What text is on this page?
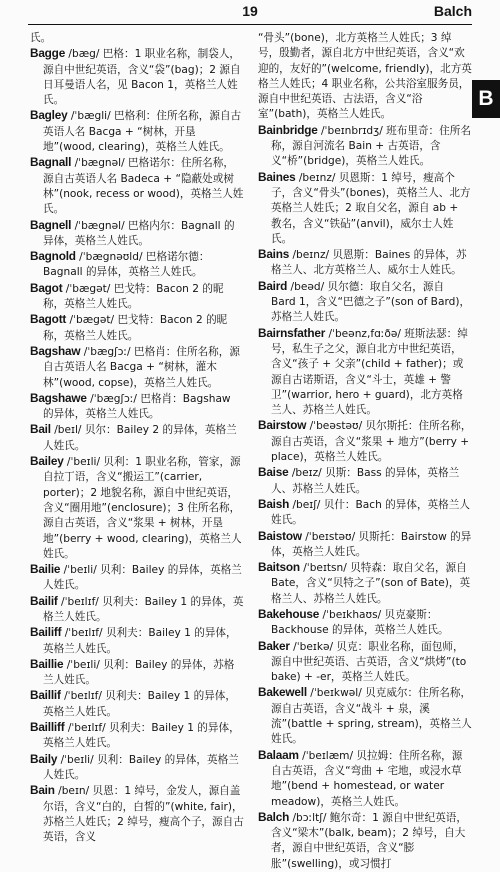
19	Balch
B

氏。

Bagge /bæg/ 巴格：1 职业名称，制袋人，源自中世纪英语，含义“袋”(bag)；2 源自日耳曼语人名，见 Bacon 1，英格兰人姓氏。

Bagley /ˈbægli/ 巴格利：住所名称，源自古英语人名 Bacga + “树林，开垦地”(wood, clearing)，英格兰人姓氏。

Bagnall /ˈbægnəl/ 巴格诺尔：住所名称，源自古英语人名 Badeca + “隐蔽处或树林”(nook, recess or wood)，英格兰人姓氏。

Bagnell /ˈbægnəl/ 巴格内尔：Bagnall 的异体，英格兰人姓氏。

Bagnold /ˈbægnəʊld/ 巴格诺尔德：Bagnall 的异体，英格兰人姓氏。

Bagot /ˈbægət/ 巴戈特：Bacon 2 的昵称，英格兰人姓氏。

Bagott /ˈbægət/ 巴戈特：Bacon 2 的昵称，英格兰人姓氏。

Bagshaw /ˈbægʃɔː/ 巴格肖：住所名称，源自古英语人名 Bacga + “树林，灌木林”(wood, copse)，英格兰人姓氏。

Bagshawe /ˈbægʃɔː/ 巴格肖：Bagshaw 的异体，英格兰人姓氏。

Bail /beɪl/ 贝尔：Bailey 2 的异体，英格兰人姓氏。

Bailey /ˈbeɪli/ 贝利：1 职业名称，管家，源自拉丁语，含义“搬运工”(carrier, porter)；2 地貌名称，源自中世纪英语，含义“圈用地”(enclosure)；3 住所名称，源自古英语，含义“浆果 + 树林，开垦地”(berry + wood, clearing)，英格兰人姓氏。

Bailie /ˈbeɪli/ 贝利：Bailey 的异体，英格兰人姓氏。

Bailif /ˈbeɪlɪf/ 贝利夫：Bailey 1 的异体，英格兰人姓氏。

Bailiff /ˈbeɪlɪf/ 贝利夫：Bailey 1 的异体，英格兰人姓氏。

Baillie /ˈbeɪli/ 贝利：Bailey 的异体，苏格兰人姓氏。

Baillif /ˈbeɪlɪf/ 贝利夫：Bailey 1 的异体，英格兰人姓氏。

Bailliff /ˈbeɪlɪf/ 贝利夫：Bailey 1 的异体，英格兰人姓氏。

Baily /ˈbeɪli/ 贝利：Bailey 的异体，英格兰人姓氏。

Bain /beɪn/ 贝恩：1 绰号，金发人，源自盖尔语，含义“白的，白皙的”(white, fair)，苏格兰人姓氏；2 绰号，瘦高个子，源自古英语，含义

“骨头”(bone)，北方英格兰人姓氏；3 绰号，殷勤者，源自北方中世纪英语，含义“欢迎的，友好的”(welcome, friendly)，北方英格兰人姓氏；4 职业名称，公共浴室服务员，源自中世纪英语、古法语，含义“浴室”(bath)，英格兰人姓氏。

Bainbridge /ˈbeɪnbrɪdʒ/ 班布里奇：住所名称，源自河流名 Bain + 古英语，含义“桥”(bridge)，英格兰人姓氏。

Baines /beɪnz/ 贝恩斯：1 绰号，瘦高个子，含义“骨头”(bones)，英格兰人、北方英格兰人姓氏；2 取自父名，源自 ab + 教名，含义“铁砧”(anvil)，威尔士人姓氏。

Bains /beɪnz/ 贝恩斯：Baines 的异体，苏格兰人、北方英格兰人、威尔士人姓氏。

Baird /beəd/ 贝尔德：取自父名，源自 Bard 1，含义“巴德之子”(son of Bard)，苏格兰人姓氏。

Bairnsfather /ˈbeənz,fɑːðə/ 班斯法瑟：绰号，私生子之父，源自北方中世纪英语，含义“孩子 + 父亲”(child + father)；或源自古诺斯语，含义“斗士，英雄 + 警卫”(warrior, hero + guard)，北方英格兰人、苏格兰人姓氏。

Bairstow /ˈbeəstəʊ/ 贝尔斯托：住所名称，源自古英语，含义“浆果 + 地方”(berry + place)，英格兰人姓氏。

Baise /beɪz/ 贝斯：Bass 的异体，英格兰人、苏格兰人姓氏。

Baish /beɪʃ/ 贝什：Bach 的异体，英格兰人姓氏。

Baistow /ˈbeɪstəʊ/ 贝斯托：Bairstow 的异体，英格兰人姓氏。

Baitson /ˈbeɪtsn/ 贝特森：取自父名，源自 Bate，含义“贝特之子”(son of Bate)，英格兰人、苏格兰人姓氏。

Bakehouse /ˈbeɪkhaʊs/ 贝克豪斯：Backhouse 的异体，英格兰人姓氏。

Baker /ˈbeɪkə/ 贝克：职业名称，面包师，源自中世纪英语、古英语，含义“烘烤”(to bake) + -er，英格兰人姓氏。

Bakewell /ˈbeɪkwəl/ 贝克威尔：住所名称，源自古英语，含义“战斗 + 泉，溪流”(battle + spring, stream)，英格兰人姓氏。

Balaam /ˈbeɪlæm/ 贝拉姆：住所名称，源自古英语，含义“弯曲 + 宅地，或浸水草地”(bend + homestead, or water meadow)，英格兰人姓氏。

Balch /bɔːltʃ/ 鲍尔奇：1 源自中世纪英语，含义“梁木”(balk, beam)；2 绰号，自大者，源自中世纪英语，含义“膨胀”(swelling)，或习惯打
